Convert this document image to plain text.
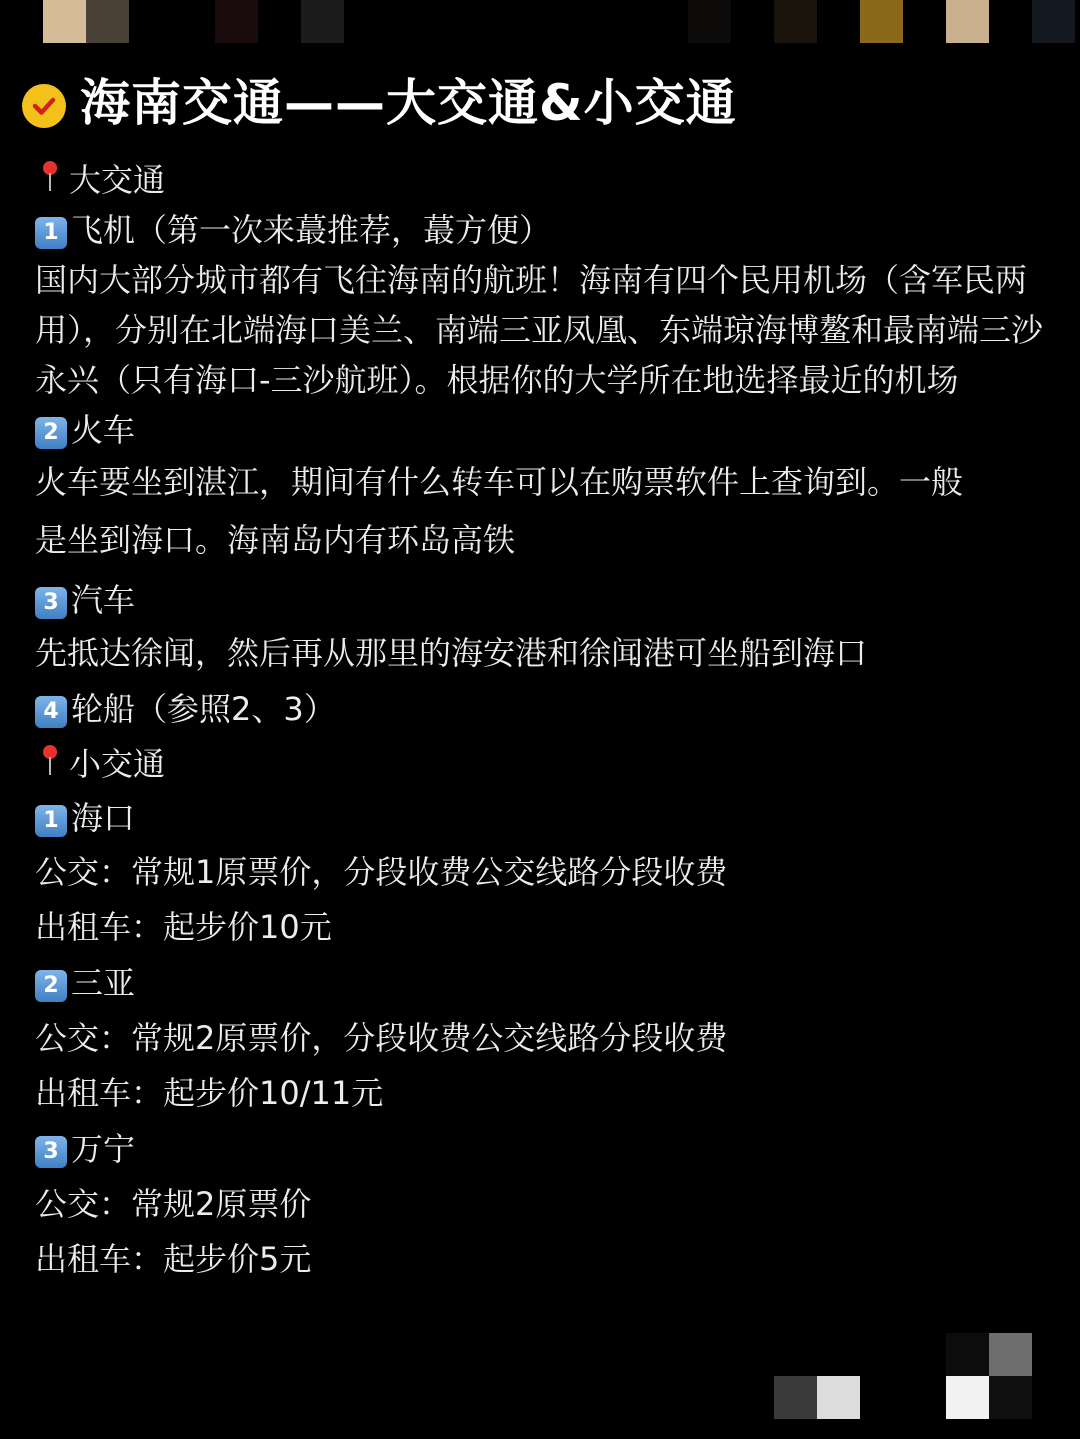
海南交通——大交通&小交通
大交通
1 飞机（第一次来蕞推荐，蕞方便）
国内大部分城市都有飞往海南的航班！海南有四个民用机场（含军民两用），分别在北端海口美兰、南端三亚凤凰、东端琼海博鳌和最南端三沙永兴（只有海口-三沙航班）。根据你的大学所在地选择最近的机场
2 火车
火车要坐到湛江，期间有什么转车可以在购票软件上查询到。一般
是坐到海口。海南岛内有环岛高铁
3 汽车
先抵达徐闻，然后再从那里的海安港和徐闻港可坐船到海口
4 轮船（参照2、3）
小交通
1 海口
公交：常规1原票价，分段收费公交线路分段收费
出租车：起步价10元
2 三亚
公交：常规2原票价，分段收费公交线路分段收费
出租车：起步价10/11元
3 万宁
公交：常规2原票价
出租车：起步价5元
